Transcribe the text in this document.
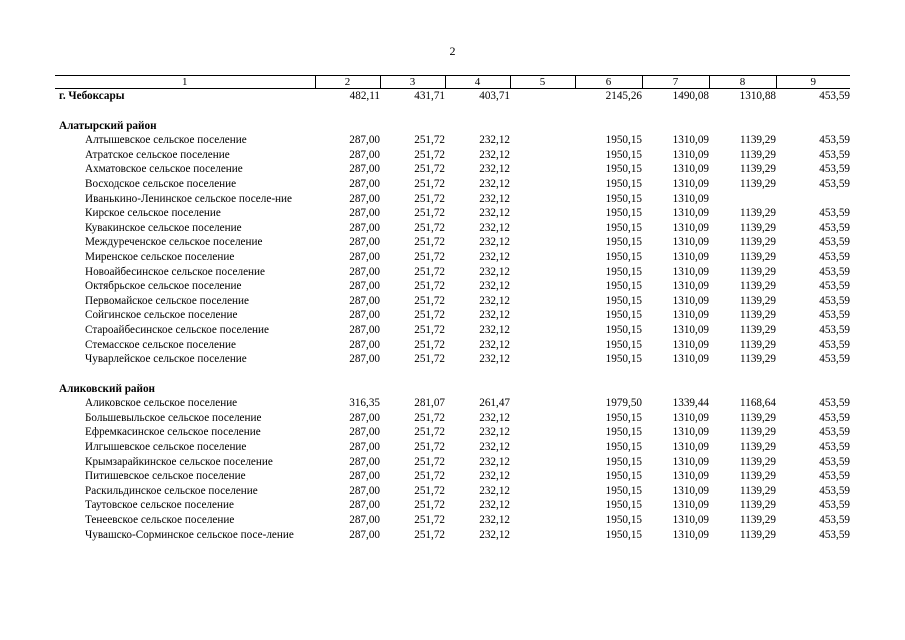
2
1	2	3	4	5	6	7	8	9
г. Чебоксары	482,11	431,71	403,71		2145,26	1490,08	1310,88	453,59

Алатырский район								
Алтышевское сельское поселение	287,00	251,72	232,12		1950,15	1310,09	1139,29	453,59
Атратское сельское поселение	287,00	251,72	232,12		1950,15	1310,09	1139,29	453,59
Ахматовское сельское поселение	287,00	251,72	232,12		1950,15	1310,09	1139,29	453,59
Восходское сельское поселение	287,00	251,72	232,12		1950,15	1310,09	1139,29	453,59
Иванькино-Ленинское сельское поселе-ние	287,00	251,72	232,12		1950,15	1310,09		
Кирское сельское поселение	287,00	251,72	232,12		1950,15	1310,09	1139,29	453,59
Кувакинское сельское поселение	287,00	251,72	232,12		1950,15	1310,09	1139,29	453,59
Междуреченское сельское поселение	287,00	251,72	232,12		1950,15	1310,09	1139,29	453,59
Миренское сельское поселение	287,00	251,72	232,12		1950,15	1310,09	1139,29	453,59
Новоайбесинское сельское поселение	287,00	251,72	232,12		1950,15	1310,09	1139,29	453,59
Октябрьское сельское поселение	287,00	251,72	232,12		1950,15	1310,09	1139,29	453,59
Первомайское сельское поселение	287,00	251,72	232,12		1950,15	1310,09	1139,29	453,59
Сойгинское сельское поселение	287,00	251,72	232,12		1950,15	1310,09	1139,29	453,59
Староайбесинское сельское поселение	287,00	251,72	232,12		1950,15	1310,09	1139,29	453,59
Стемасское сельское поселение	287,00	251,72	232,12		1950,15	1310,09	1139,29	453,59
Чуварлейское сельское поселение	287,00	251,72	232,12		1950,15	1310,09	1139,29	453,59

Аликовский район								
Аликовское сельское поселение	316,35	281,07	261,47		1979,50	1339,44	1168,64	453,59
Большевыльское сельское поселение	287,00	251,72	232,12		1950,15	1310,09	1139,29	453,59
Ефремкасинское сельское поселение	287,00	251,72	232,12		1950,15	1310,09	1139,29	453,59
Илгышевское сельское поселение	287,00	251,72	232,12		1950,15	1310,09	1139,29	453,59
Крымзарайкинское сельское поселение	287,00	251,72	232,12		1950,15	1310,09	1139,29	453,59
Питишевское сельское поселение	287,00	251,72	232,12		1950,15	1310,09	1139,29	453,59
Раскильдинское сельское поселение	287,00	251,72	232,12		1950,15	1310,09	1139,29	453,59
Таутовское сельское поселение	287,00	251,72	232,12		1950,15	1310,09	1139,29	453,59
Тенеевское сельское поселение	287,00	251,72	232,12		1950,15	1310,09	1139,29	453,59
Чувашско-Сорминское сельское посе-ление	287,00	251,72	232,12		1950,15	1310,09	1139,29	453,59
